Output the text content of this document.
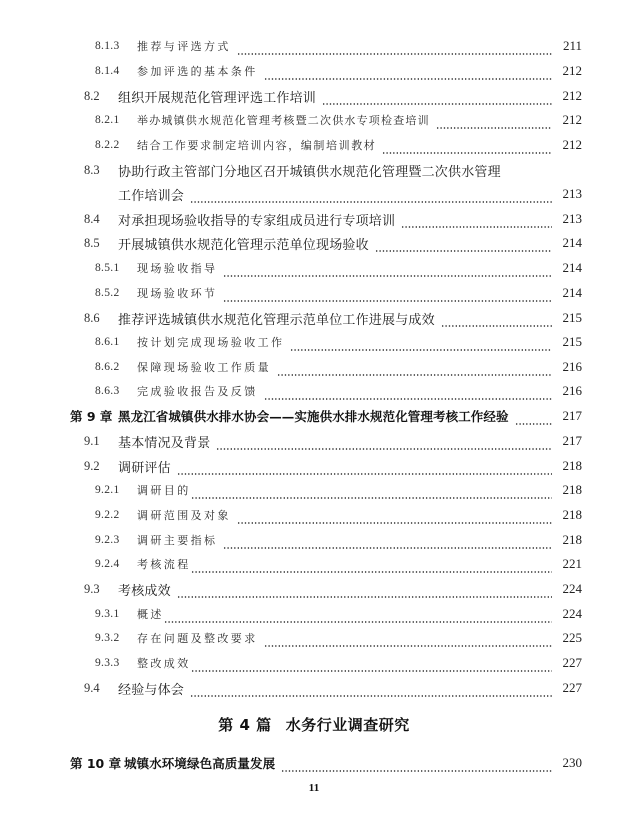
8.1.3	推荐与评选方式	211
8.1.4	参加评选的基本条件	212
8.2	组织开展规范化管理评选工作培训	212
8.2.1	举办城镇供水规范化管理考核暨二次供水专项检查培训	212
8.2.2	结合工作要求制定培训内容，编制培训教材	212
8.3	协助行政主管部门分地区召开城镇供水规范化管理暨二次供水管理
工作培训会	213
8.4	对承担现场验收指导的专家组成员进行专项培训	213
8.5	开展城镇供水规范化管理示范单位现场验收	214
8.5.1	现场验收指导	214
8.5.2	现场验收环节	214
8.6	推荐评选城镇供水规范化管理示范单位工作进展与成效	215
8.6.1	按计划完成现场验收工作	215
8.6.2	保障现场验收工作质量	216
8.6.3	完成验收报告及反馈	216
第 9 章 黑龙江省城镇供水排水协会——实施供水排水规范化管理考核工作经验	217
9.1	基本情况及背景	217
9.2	调研评估	218
9.2.1	调研目的	218
9.2.2	调研范围及对象	218
9.2.3	调研主要指标	218
9.2.4	考核流程	221
9.3	考核成效	224
9.3.1	概述	224
9.3.2	存在问题及整改要求	225
9.3.3	整改成效	227
9.4	经验与体会	227
第 4 篇 水务行业调查研究
第 10 章 城镇水环境绿色高质量发展	230
11
